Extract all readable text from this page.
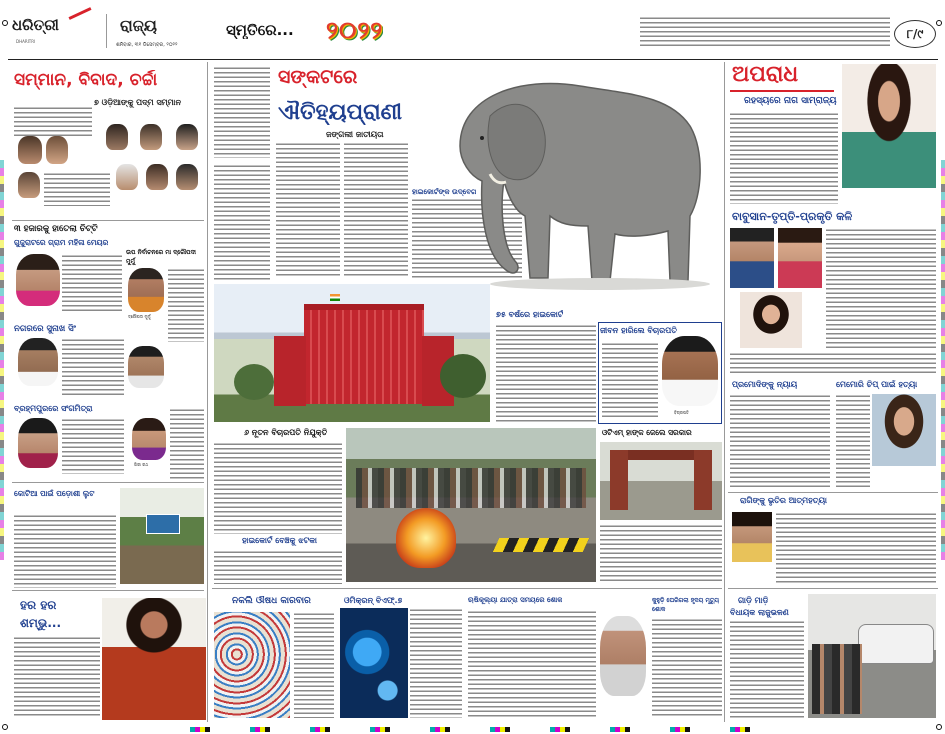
ଧରିତ୍ରୀ
DHARITRI
ରାଜ୍ୟ
ଶନିବାର, ୩୧ ଡିସେମ୍ବର, ୨୦୨୨
ସ୍ମୃତିରେ... ୨୦୨୨	୮/୯
ସମ୍ମାନ, ବିବାଦ, ଚର୍ଚ୍ଚା
୭ ଓଡ଼ିଆଙ୍କୁ ପଦ୍ମ ସମ୍ମାନ
୩ ହଜାରକୁ ହାତେଲା ଚିଟ୍ଟି
ଗୁଜୁରାଟରେ ଗ୍ରାମ ମହିଳା ମେୟର
ଉପ ନିର୍ବାଚନରେ ମା ଦ୍ରୌପଦୀ ମୁର୍ମୁ
ଦ୍ରୌପଦୀ ମୁର୍ମୁ
ନଗରରେ ସୁନାଖ ସିଂ
ବ୍ରହ୍ମପୁରରେ ସଂଗମିତ୍ରା
ଗିରୀ ରଥ
କୋଟିଆ ପାଇଁ ପଡ଼ୋଶୀ ଲୁଟ
ହର ହର
ଶମ୍ଭୁ...
ସଙ୍କଟରେ
ଐତିହ୍ୟପ୍ରାଣୀ
ଜଙ୍ଗଲୀ ଜାତୀୟତା
ହାଇକୋର୍ଟଙ୍କ ଉଦ୍‌ବେଗ
୭୫ ବର୍ଷରେ ହାଇକୋର୍ଟ
ଜୀବନ ହାରିଲେ ବିଚାରପତି
ବିଚାରପତି
୬ ନୂତନ ବିଚାରପତି ନିଯୁକ୍ତି
ହାଇକୋର୍ଟ ବେଞ୍ଚକୁ ଝଟକା
ଓଟିଏମ୍ ହାଙ୍କ ଜେଲେ ସରକାର
ନକଲି ଔଷଧ କାରବାର	ଓମିକ୍ରନ୍ ବିଏଫ୍.୭	ଋଷିକୂଲ୍ୟା ଯାତ୍ରା ସମୟରେ ଶୋକ	କୁହୁଡ଼ି ଘେରିଗଲା ହୃଦୟ ମୃତ୍ୟୁ ଶୋକ
ଅପରାଧ
ରହସ୍ୟରେ ନାଗ ସାମ୍ରାଜ୍ୟ
ବାବୁସାନ-ତୃପ୍ତି-ପ୍ରକୃତି କଳି
ପ୍ରମୋଦିଙ୍କୁ ନ୍ୟାୟ	ମେମୋରି ଚିପ୍ ପାଇଁ ହତ୍ୟା
ରାଗିଙ୍କୁ ଭୃତିର ଆତ୍ମହତ୍ୟା
ଗାଡ଼ି ମାଡ଼ି
ବିଧାୟକ ଲାଜୁଭଳଣ
